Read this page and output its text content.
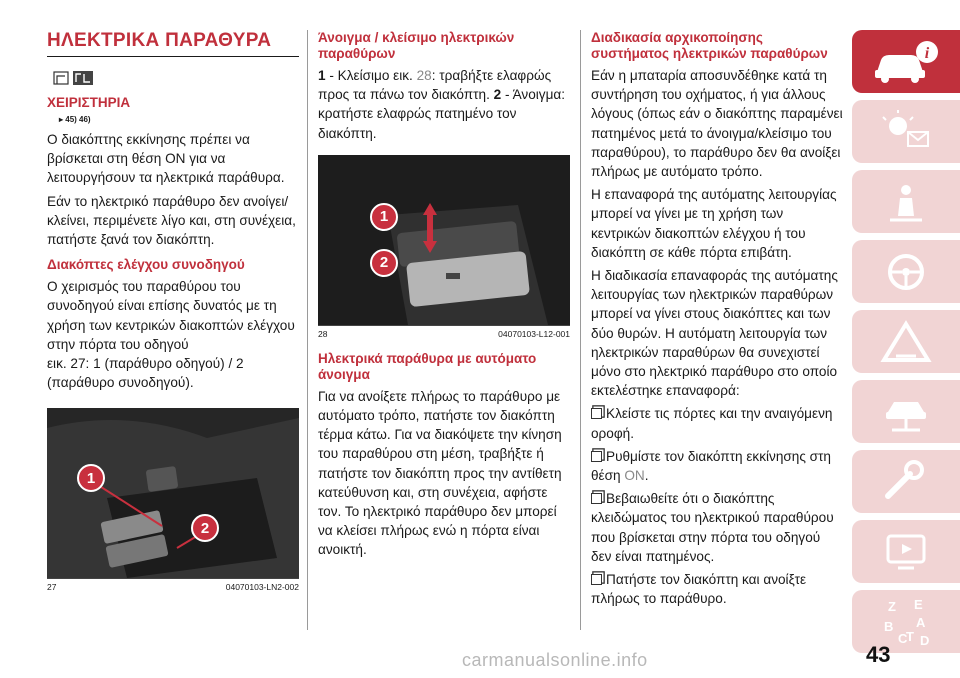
ΗΛΕΚΤΡΙΚΑ ΠΑΡΑΘΥΡΑ
ΧΕΙΡΙΣΤΗΡΙΑ
▸ 45) 46)

Ο διακόπτης εκκίνησης πρέπει να βρίσκεται στη θέση ON για να λειτουργήσουν τα ηλεκτρικά παράθυρα.

Εάν το ηλεκτρικό παράθυρο δεν ανοίγει/κλείνει, περιμένετε λίγο και, στη συνέχεια, πατήστε ξανά τον διακόπτη.

Διακόπτες ελέγχου συνοδηγού

Ο χειρισμός του παραθύρου του συνοδηγού είναι επίσης δυνατός με τη χρήση των κεντρικών διακοπτών ελέγχου στην πόρτα του οδηγού

εικ. 27: 1 (παράθυρο οδηγού) / 2 (παράθυρο συνοδηγού).

1
2
27	04070103-LN2-002
Άνοιγμα / κλείσιμο ηλεκτρικών παραθύρων

1 - Κλείσιμο εικ. 28: τραβήξτε ελαφρώς προς τα πάνω τον διακόπτη. 2 - Άνοιγμα: κρατήστε ελαφρώς πατημένο τον διακόπτη.

1
2
28	04070103-L12-001
Ηλεκτρικά παράθυρα με αυτόματο άνοιγμα

Για να ανοίξετε πλήρως το παράθυρο με αυτόματο τρόπο, πατήστε τον διακόπτη τέρμα κάτω. Για να διακόψετε την κίνηση του παραθύρου στη μέση, τραβήξτε ή πατήστε τον διακόπτη προς την αντίθετη κατεύθυνση και, στη συνέχεια, αφήστε τον. Το ηλεκτρικό παράθυρο δεν μπορεί να κλείσει πλήρως ενώ η πόρτα είναι ανοικτή.

Διαδικασία αρχικοποίησης συστήματος ηλεκτρικών παραθύρων

Εάν η μπαταρία αποσυνδέθηκε κατά τη συντήρηση του οχήματος, ή για άλλους λόγους (όπως εάν ο διακόπτης παραμένει πατημένος μετά το άνοιγμα/κλείσιμο του παραθύρου), το παράθυρο δεν θα ανοίξει πλήρως με αυτόματο τρόπο.

Η επαναφορά της αυτόματης λειτουργίας μπορεί να γίνει με τη χρήση των κεντρικών διακοπτών ελέγχου ή του διακόπτη σε κάθε πόρτα επιβάτη.

Η διαδικασία επαναφοράς της αυτόματης λειτουργίας των ηλεκτρικών παραθύρων μπορεί να γίνει στους διακόπτες και των δύο θυρών. Η αυτόματη λειτουργία των ηλεκτρικών παραθύρων θα συνεχιστεί μόνο στο ηλεκτρικό παράθυρο στο οποίο εκτελέστηκε επαναφορά:

Κλείστε τις πόρτες και την αναιγόμενη οροφή.

Ρυθμίστε τον διακόπτη εκκίνησης στη θέση ON.

Βεβαιωθείτε ότι ο διακόπτης κλειδώματος του ηλεκτρικού παραθύρου που βρίσκεται στην πόρτα του οδηγού δεν είναι πατημένος.

Πατήστε τον διακόπτη και ανοίξτε πλήρως το παράθυρο.

i
Z E
B A
C
T D
43
carmanualsonline.info
